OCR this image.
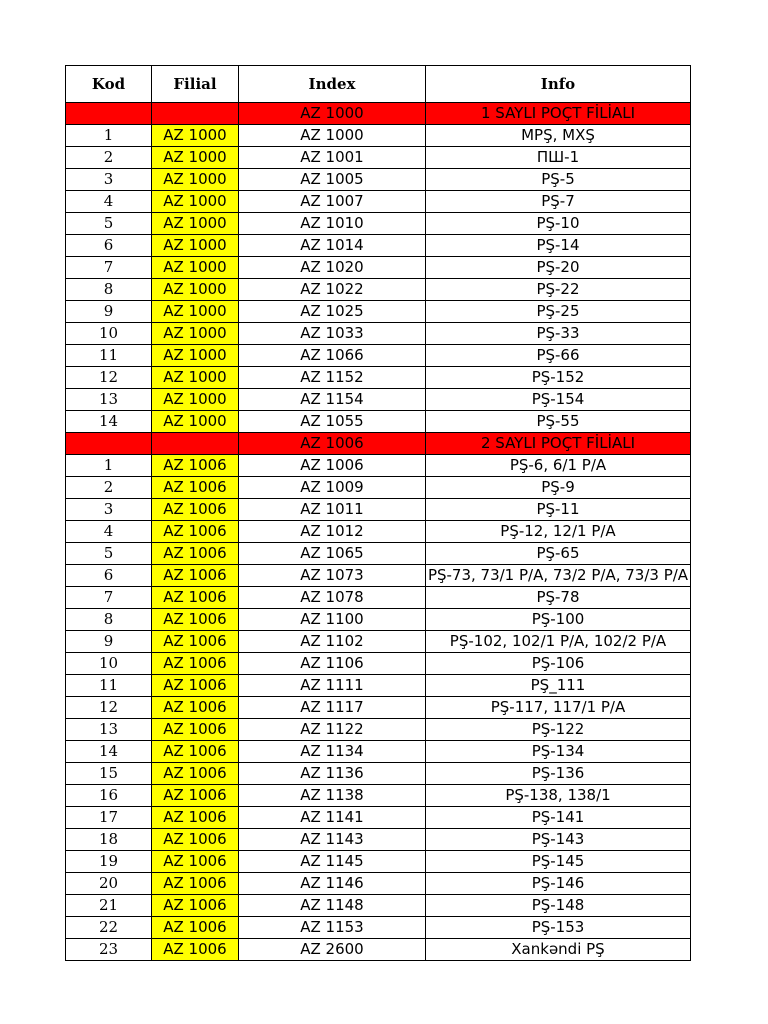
Kod	Filial	Index	Info
		AZ 1000	1 SAYLI POÇT FİLİALI
1	AZ 1000	AZ 1000	MPŞ, MXŞ
2	AZ 1000	AZ 1001	ПШ-1
3	AZ 1000	AZ 1005	PŞ-5
4	AZ 1000	AZ 1007	PŞ-7
5	AZ 1000	AZ 1010	PŞ-10
6	AZ 1000	AZ 1014	PŞ-14
7	AZ 1000	AZ 1020	PŞ-20
8	AZ 1000	AZ 1022	PŞ-22
9	AZ 1000	AZ 1025	PŞ-25
10	AZ 1000	AZ 1033	PŞ-33
11	AZ 1000	AZ 1066	PŞ-66
12	AZ 1000	AZ 1152	PŞ-152
13	AZ 1000	AZ 1154	PŞ-154
14	AZ 1000	AZ 1055	PŞ-55
		AZ 1006	2 SAYLI POÇT FİLİALI
1	AZ 1006	AZ 1006	PŞ-6, 6/1 P/A
2	AZ 1006	AZ 1009	PŞ-9
3	AZ 1006	AZ 1011	PŞ-11
4	AZ 1006	AZ 1012	PŞ-12, 12/1 P/A
5	AZ 1006	AZ 1065	PŞ-65
6	AZ 1006	AZ 1073	PŞ-73, 73/1 P/A, 73/2 P/A, 73/3 P/A
7	AZ 1006	AZ 1078	PŞ-78
8	AZ 1006	AZ 1100	PŞ-100
9	AZ 1006	AZ 1102	PŞ-102, 102/1 P/A, 102/2 P/A
10	AZ 1006	AZ 1106	PŞ-106
11	AZ 1006	AZ 1111	PŞ_111
12	AZ 1006	AZ 1117	PŞ-117, 117/1 P/A
13	AZ 1006	AZ 1122	PŞ-122
14	AZ 1006	AZ 1134	PŞ-134
15	AZ 1006	AZ 1136	PŞ-136
16	AZ 1006	AZ 1138	PŞ-138, 138/1
17	AZ 1006	AZ 1141	PŞ-141
18	AZ 1006	AZ 1143	PŞ-143
19	AZ 1006	AZ 1145	PŞ-145
20	AZ 1006	AZ 1146	PŞ-146
21	AZ 1006	AZ 1148	PŞ-148
22	AZ 1006	AZ 1153	PŞ-153
23	AZ 1006	AZ 2600	Xankəndi PŞ
